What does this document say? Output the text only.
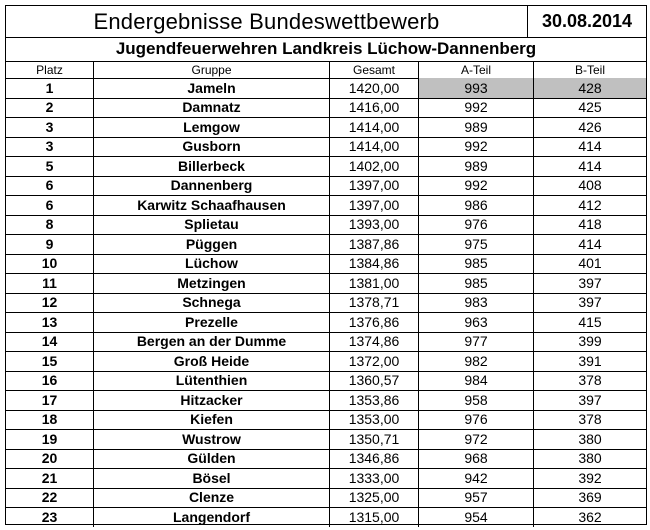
Endergebnisse Bundeswettbewerb	30.08.2014
Jugendfeuerwehren Landkreis Lüchow-Dannenberg
Platz	Gruppe	Gesamt	A-Teil	B-Teil
1	Jameln	1420,00	993	428
2	Damnatz	1416,00	992	425
3	Lemgow	1414,00	989	426
3	Gusborn	1414,00	992	414
5	Billerbeck	1402,00	989	414
6	Dannenberg	1397,00	992	408
6	Karwitz Schaafhausen	1397,00	986	412
8	Splietau	1393,00	976	418
9	Püggen	1387,86	975	414
10	Lüchow	1384,86	985	401
11	Metzingen	1381,00	985	397
12	Schnega	1378,71	983	397
13	Prezelle	1376,86	963	415
14	Bergen an der Dumme	1374,86	977	399
15	Groß Heide	1372,00	982	391
16	Lütenthien	1360,57	984	378
17	Hitzacker	1353,86	958	397
18	Kiefen	1353,00	976	378
19	Wustrow	1350,71	972	380
20	Gülden	1346,86	968	380
21	Bösel	1333,00	942	392
22	Clenze	1325,00	957	369
23	Langendorf	1315,00	954	362
